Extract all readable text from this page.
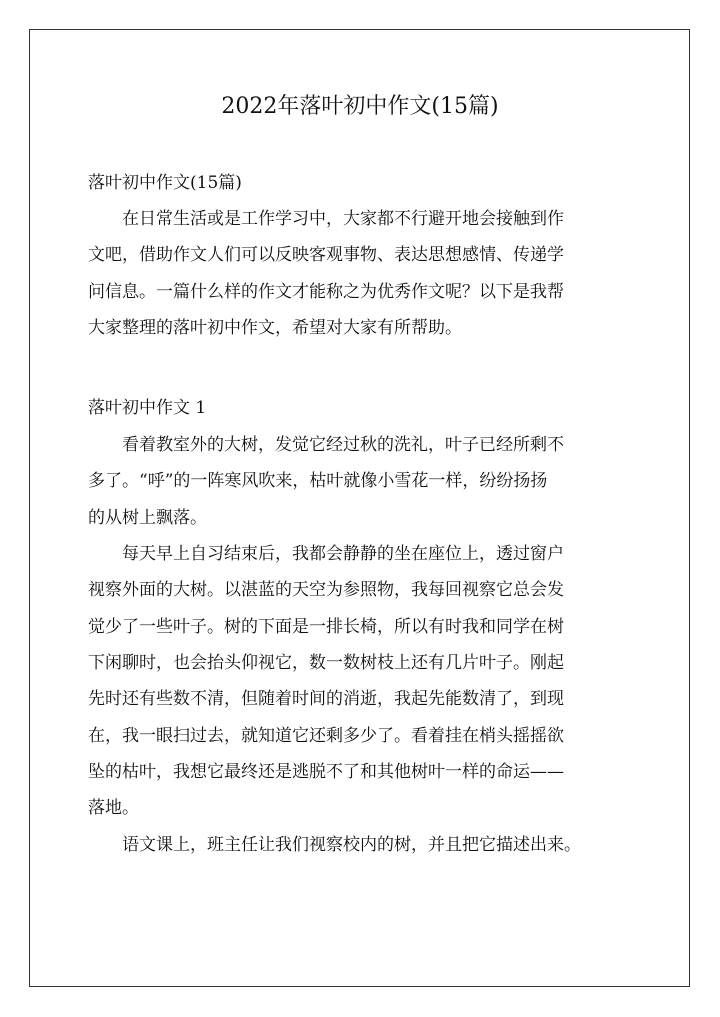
2022年落叶初中作文(15篇)
落叶初中作文(15篇)
在日常生活或是工作学习中，大家都不行避开地会接触到作
文吧，借助作文人们可以反映客观事物、表达思想感情、传递学
问信息。一篇什么样的作文才能称之为优秀作文呢？以下是我帮
大家整理的落叶初中作文，希望对大家有所帮助。
落叶初中作文 1
看着教室外的大树，发觉它经过秋的洗礼，叶子已经所剩不
多了。“呼”的一阵寒风吹来，枯叶就像小雪花一样，纷纷扬扬
的从树上飘落。
每天早上自习结束后，我都会静静的坐在座位上，透过窗户
视察外面的大树。以湛蓝的天空为参照物，我每回视察它总会发
觉少了一些叶子。树的下面是一排长椅，所以有时我和同学在树
下闲聊时，也会抬头仰视它，数一数树枝上还有几片叶子。刚起
先时还有些数不清，但随着时间的消逝，我起先能数清了，到现
在，我一眼扫过去，就知道它还剩多少了。看着挂在梢头摇摇欲
坠的枯叶，我想它最终还是逃脱不了和其他树叶一样的命运——
落地。
语文课上，班主任让我们视察校内的树，并且把它描述出来。
